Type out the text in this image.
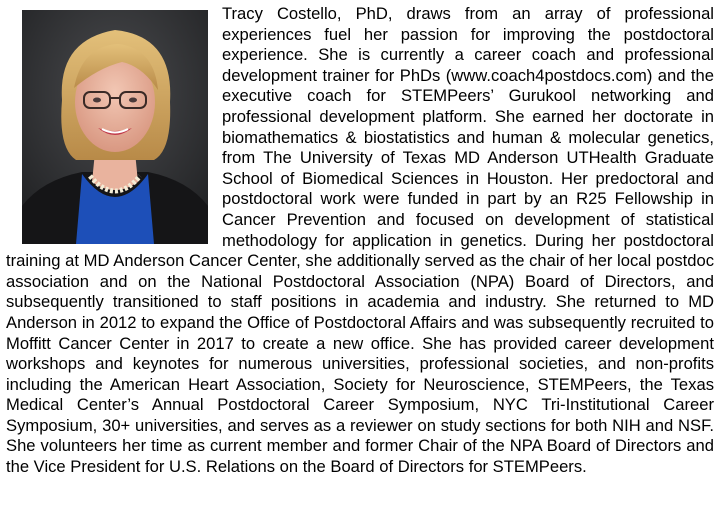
Tracy Costello, PhD, draws from an array of professional experiences fuel her passion for improving the postdoctoral experience. She is currently a career coach and professional development trainer for PhDs (www.coach4postdocs.com) and the executive coach for STEMPeers’ Gurukool networking and professional development platform. She earned her doctorate in biomathematics & biostatistics and human & molecular genetics, from The University of Texas MD Anderson UTHealth Graduate School of Biomedical Sciences in Houston. Her predoctoral and postdoctoral work were funded in part by an R25 Fellowship in Cancer Prevention and focused on development of statistical methodology for application in genetics. During her postdoctoral training at MD Anderson Cancer Center, she additionally served as the chair of her local postdoc association and on the National Postdoctoral Association (NPA) Board of Directors, and subsequently transitioned to staff positions in academia and industry. She returned to MD Anderson in 2012 to expand the Office of Postdoctoral Affairs and was subsequently recruited to Moffitt Cancer Center in 2017 to create a new office. She has provided career development workshops and keynotes for numerous universities, professional societies, and non-profits including the American Heart Association, Society for Neuroscience, STEMPeers, the Texas Medical Center’s Annual Postdoctoral Career Symposium, NYC Tri-Institutional Career Symposium, 30+ universities, and serves as a reviewer on study sections for both NIH and NSF. She volunteers her time as current member and former Chair of the NPA Board of Directors and the Vice President for U.S. Relations on the Board of Directors for STEMPeers.
